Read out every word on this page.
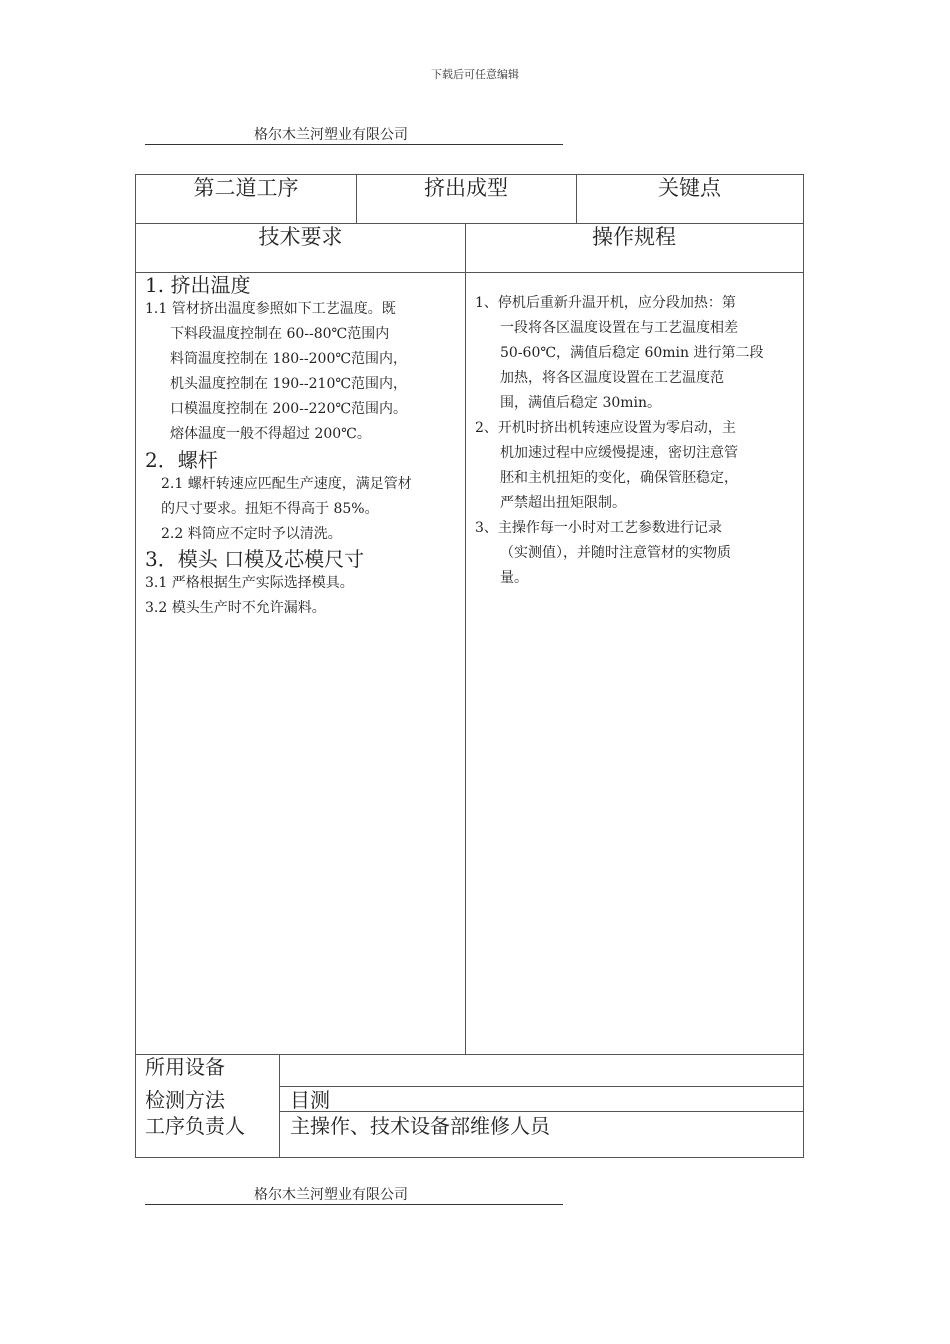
下载后可任意编辑
格尔木兰河塑业有限公司
第二道工序	挤出成型	关键点
技术要求	操作规程
1. 挤出温度
1.1 管材挤出温度参照如下工艺温度。既
下料段温度控制在 60--80℃范围内
料筒温度控制在 180--200℃范围内，
机头温度控制在 190--210℃范围内，
口模温度控制在 200--220℃范围内。
熔体温度一般不得超过 200℃。
2．螺杆
2.1 螺杆转速应匹配生产速度，满足管材
的尺寸要求。扭矩不得高于 85%。
2.2 料筒应不定时予以清洗。
3．模头 口模及芯模尺寸
3.1 严格根据生产实际选择模具。
3.2 模头生产时不允许漏料。
1、停机后重新升温开机，应分段加热：第
一段将各区温度设置在与工艺温度相差
50-60℃，满值后稳定 60min 进行第二段
加热，将各区温度设置在工艺温度范
围，满值后稳定 30min。
2、开机时挤出机转速应设置为零启动，主
机加速过程中应缓慢提速，密切注意管
胚和主机扭矩的变化，确保管胚稳定，
严禁超出扭矩限制。
3、主操作每一小时对工艺参数进行记录
（实测值），并随时注意管材的实物质
量。
所用设备
检测方法	目测
工序负责人 主操作、技术设备部维修人员
格尔木兰河塑业有限公司
